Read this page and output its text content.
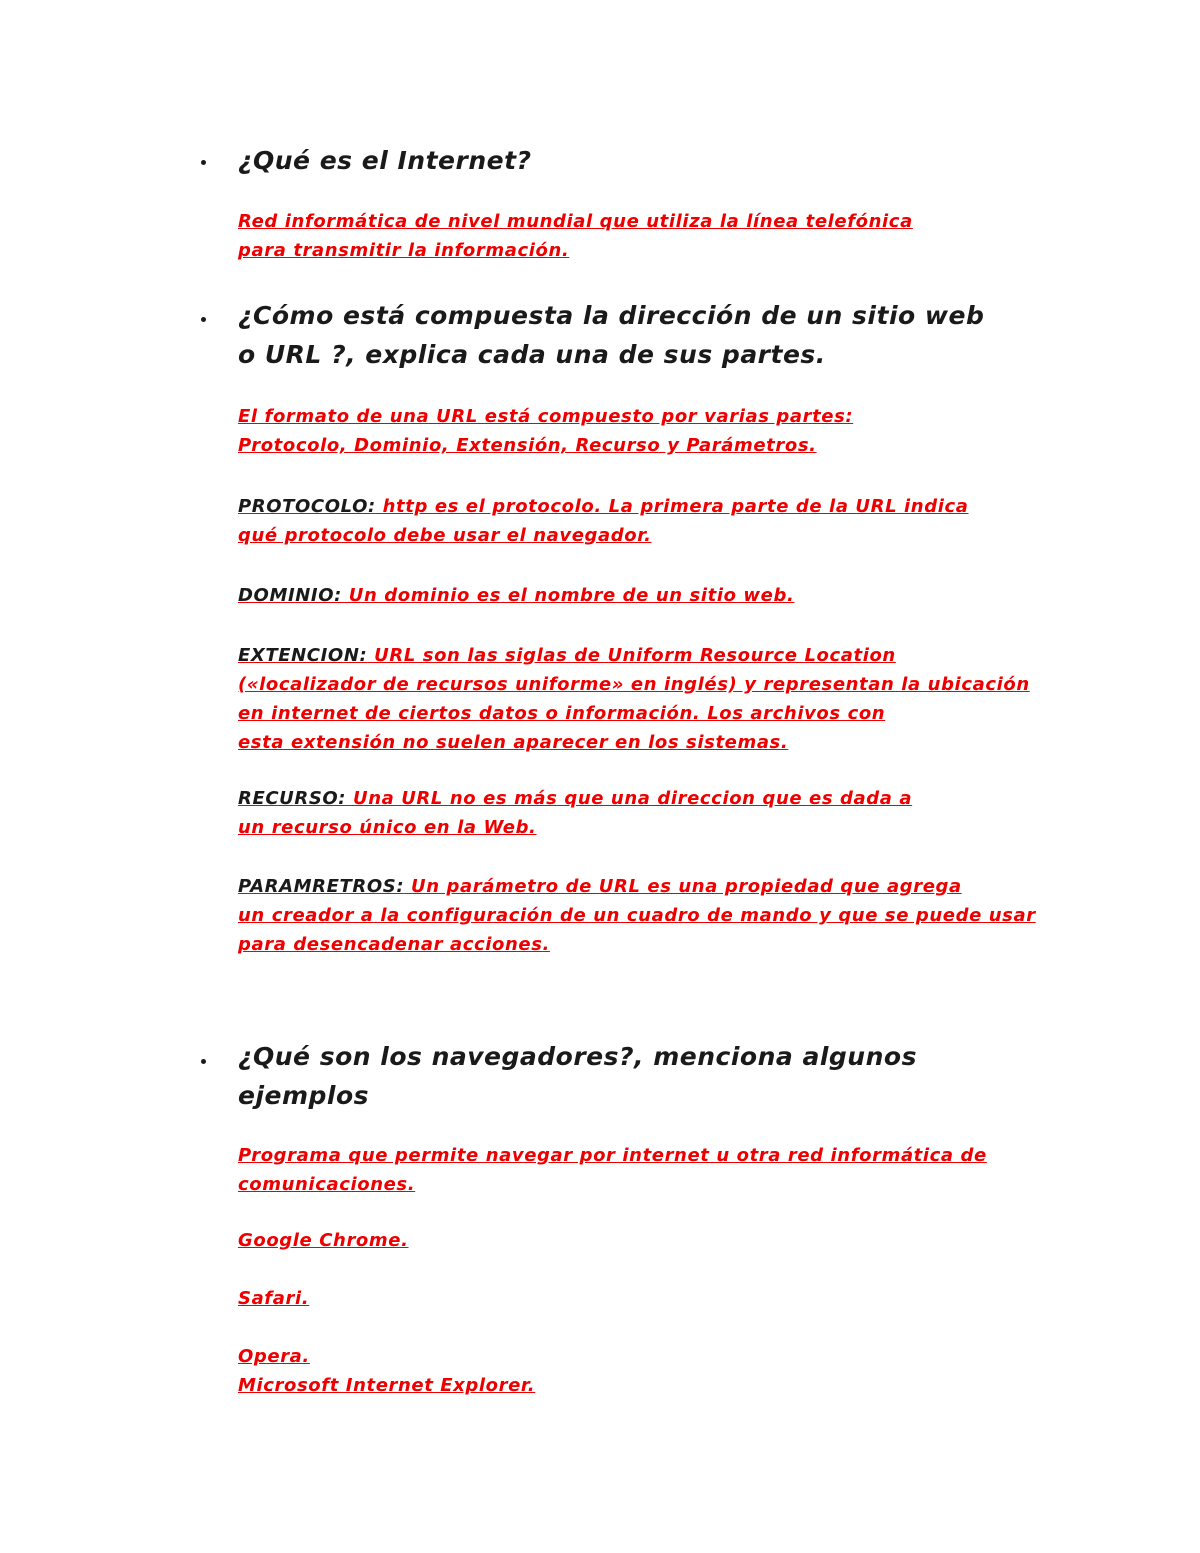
¿Qué es el Internet?

Red informática de nivel mundial que utiliza la línea telefónica
para transmitir la información.

¿Cómo está compuesta la dirección de un sitio web
o URL ?, explica cada una de sus partes.

El formato de una URL está compuesto por varias partes:
Protocolo, Dominio, Extensión, Recurso y Parámetros.

PROTOCOLO: http es el protocolo. La primera parte de la URL indica
qué protocolo debe usar el navegador.

DOMINIO: Un dominio es el nombre de un sitio web.

EXTENCION: URL son las siglas de Uniform Resource Location
(«localizador de recursos uniforme» en inglés) y representan la ubicación
en internet de ciertos datos o información. Los archivos con
esta extensión no suelen aparecer en los sistemas.

RECURSO: Una URL no es más que una direccion que es dada a
un recurso único en la Web.

PARAMRETROS: Un parámetro de URL es una propiedad que agrega
un creador a la configuración de un cuadro de mando y que se puede usar
para desencadenar acciones.

¿Qué son los navegadores?, menciona algunos
ejemplos

Programa que permite navegar por internet u otra red informática de
comunicaciones.

Google Chrome.

Safari.

Opera.
Microsoft Internet Explorer.
